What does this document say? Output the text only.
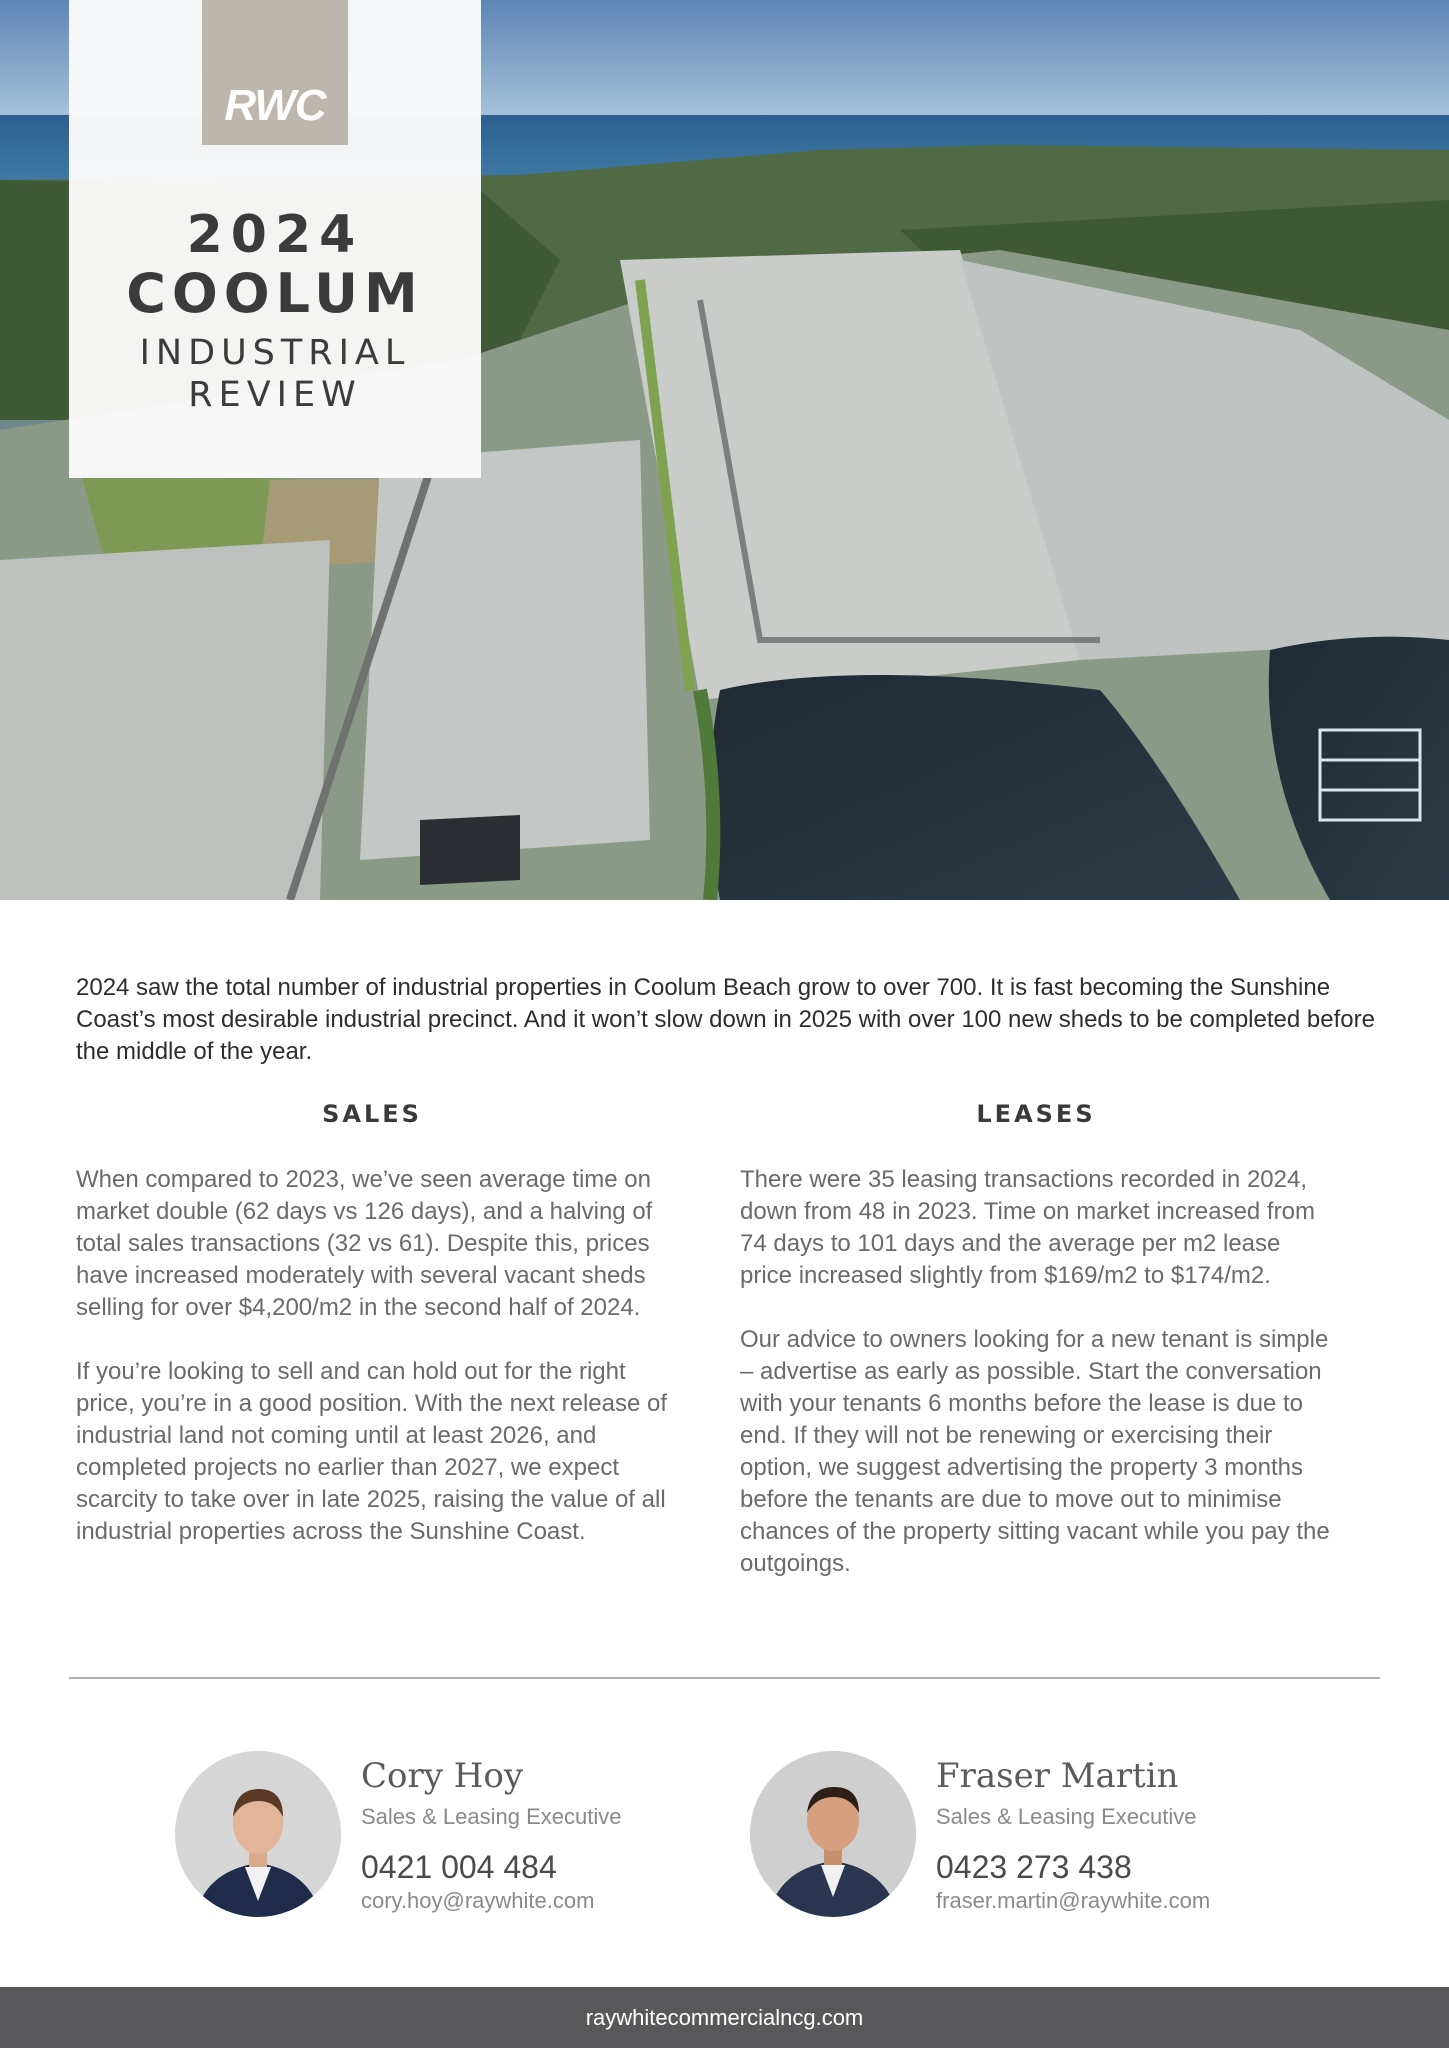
RWC
2024
COOLUM
INDUSTRIAL
REVIEW
2024 saw the total number of industrial properties in Coolum Beach grow to over 700. It is fast becoming the Sunshine Coast’s most desirable industrial precinct. And it won’t slow down in 2025 with over 100 new sheds to be completed before the middle of the year.
SALES	LEASES

When compared to 2023, we’ve seen average time on market double (62 days vs 126 days), and a halving of total sales transactions (32 vs 61). Despite this, prices have increased moderately with several vacant sheds selling for over $4,200/m2 in the second half of 2024.

If you’re looking to sell and can hold out for the right price, you’re in a good position. With the next release of industrial land not coming until at least 2026, and completed projects no earlier than 2027, we expect scarcity to take over in late 2025, raising the value of all industrial properties across the Sunshine Coast.

There were 35 leasing transactions recorded in 2024, down from 48 in 2023. Time on market increased from 74 days to 101 days and the average per m2 lease price increased slightly from $169/m2 to $174/m2.

Our advice to owners looking for a new tenant is simple – advertise as early as possible. Start the conversation with your tenants 6 months before the lease is due to end. If they will not be renewing or exercising their option, we suggest advertising the property 3 months before the tenants are due to move out to minimise chances of the property sitting vacant while you pay the outgoings.

Cory Hoy
Sales & Leasing Executive
0421 004 484
cory.hoy@raywhite.com
Fraser Martin
Sales & Leasing Executive
0423 273 438
fraser.martin@raywhite.com
raywhitecommercialncg.com
